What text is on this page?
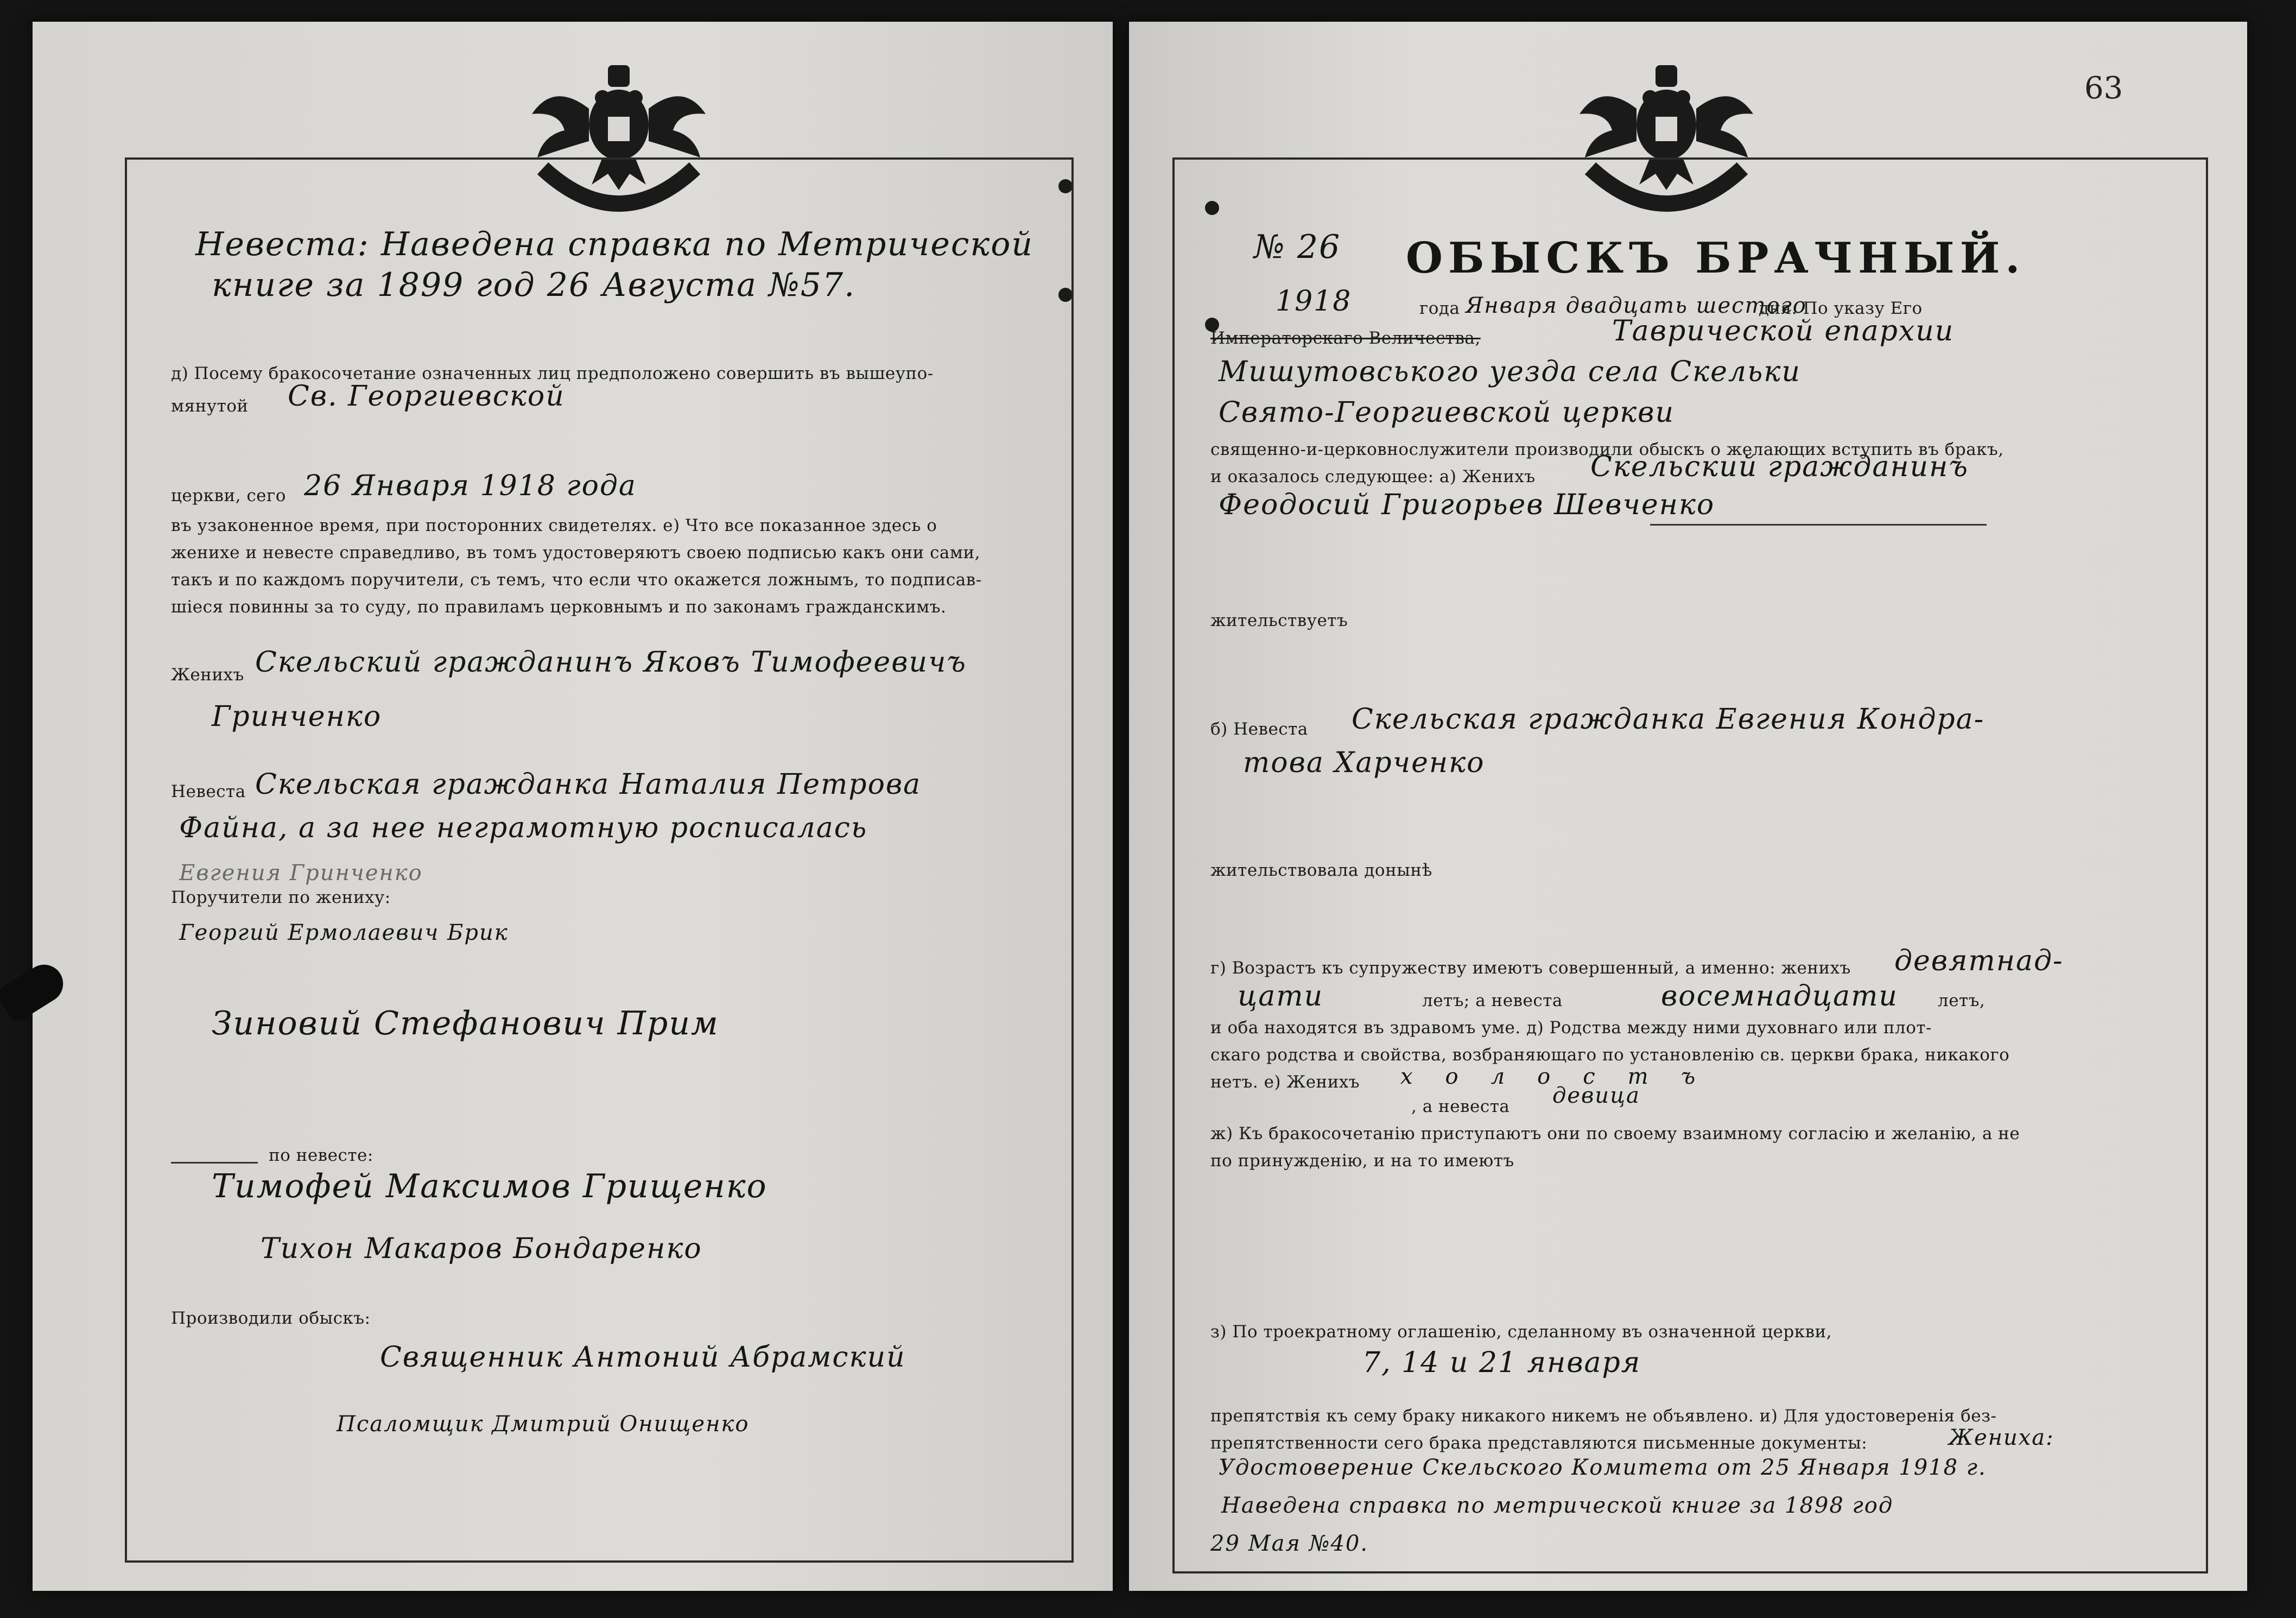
Невеста: Наведена справка по Метрической
книге за 1899 год 26 Августа №57.
д) Посему бракосочетание означенных лиц предположено совершить въ вышеупо-
мянутой Св. Георгиевской
церкви, сего 26 Января 1918 года
въ узаконенное время, при посторонних свидетелях. е) Что все показанное здесь о
женихе и невесте справедливо, въ томъ удостоверяютъ своею подписью какъ они сами,
такъ и по каждомъ поручители, съ темъ, что если что окажется ложнымъ, то подписав-
шiеся повинны за то суду, по правиламъ церковнымъ и по законамъ гражданскимъ.
Женихъ Скельский гражданинъ Яковъ Тимофеевичъ
Гринченко
Невеста Скельская гражданка Наталия Петрова
Файна, а за нее неграмотную росписалась
Евгения Гринченко
Поручители по жениху:
Георгий Ермолаевич Брик
Зиновий Стефанович Прим
по невесте:
Тимофей Максимов Грищенко
Тихон Макаров Бондаренко
Производили обыскъ:
Священник Антоний Абрамский
Псаломщик Дмитрий Онищенко
63
№ 26 ОБЫСКЪ БРАЧНЫЙ.
1918	года Января двадцать шестого
дня. По указу Его
Императорскаго Величества,	Таврической епархии
Мишутовського уезда села Скельки
Свято-Георгиевской церкви
священно-и-церковнослужители производили обыскъ о желающих вступить въ бракъ,
и оказалось следующее: а) Женихъ Скельский гражданинъ
Феодосий Григорьев Шевченко
жительствуетъ
б) Невеста Скельская гражданка Евгения Кондра-
това Харченко
жительствовала донынѣ
г) Возрастъ къ супружеству имеютъ совершенный, а именно: женихъ девятнад-
цати	летъ; а невеста	восемнадцати летъ,
и оба находятся въ здравомъ уме. д) Родства между ними духовнаго или плот-
скаго родства и свойства, возбраняющаго по установленiю св. церкви брака, никакого
нетъ. е) Женихъ холостъ
, а невеста девица
ж) Къ бракосочетанiю приступаютъ они по своему взаимному согласiю и желанiю, а не
по принужденiю, и на то имеютъ
з) По троекратному оглашенiю, сделанному въ означенной церкви,
7, 14 и 21 января
препятствiя къ сему браку никакого никемъ не объявлено. и) Для удостоверенiя без-
препятственности сего брака представляются письменные документы:	Жениха:
Удостоверение Скельского Комитета от 25 Января 1918 г.
Наведена справка по метрической книге за 1898 год
29 Мая №40.
